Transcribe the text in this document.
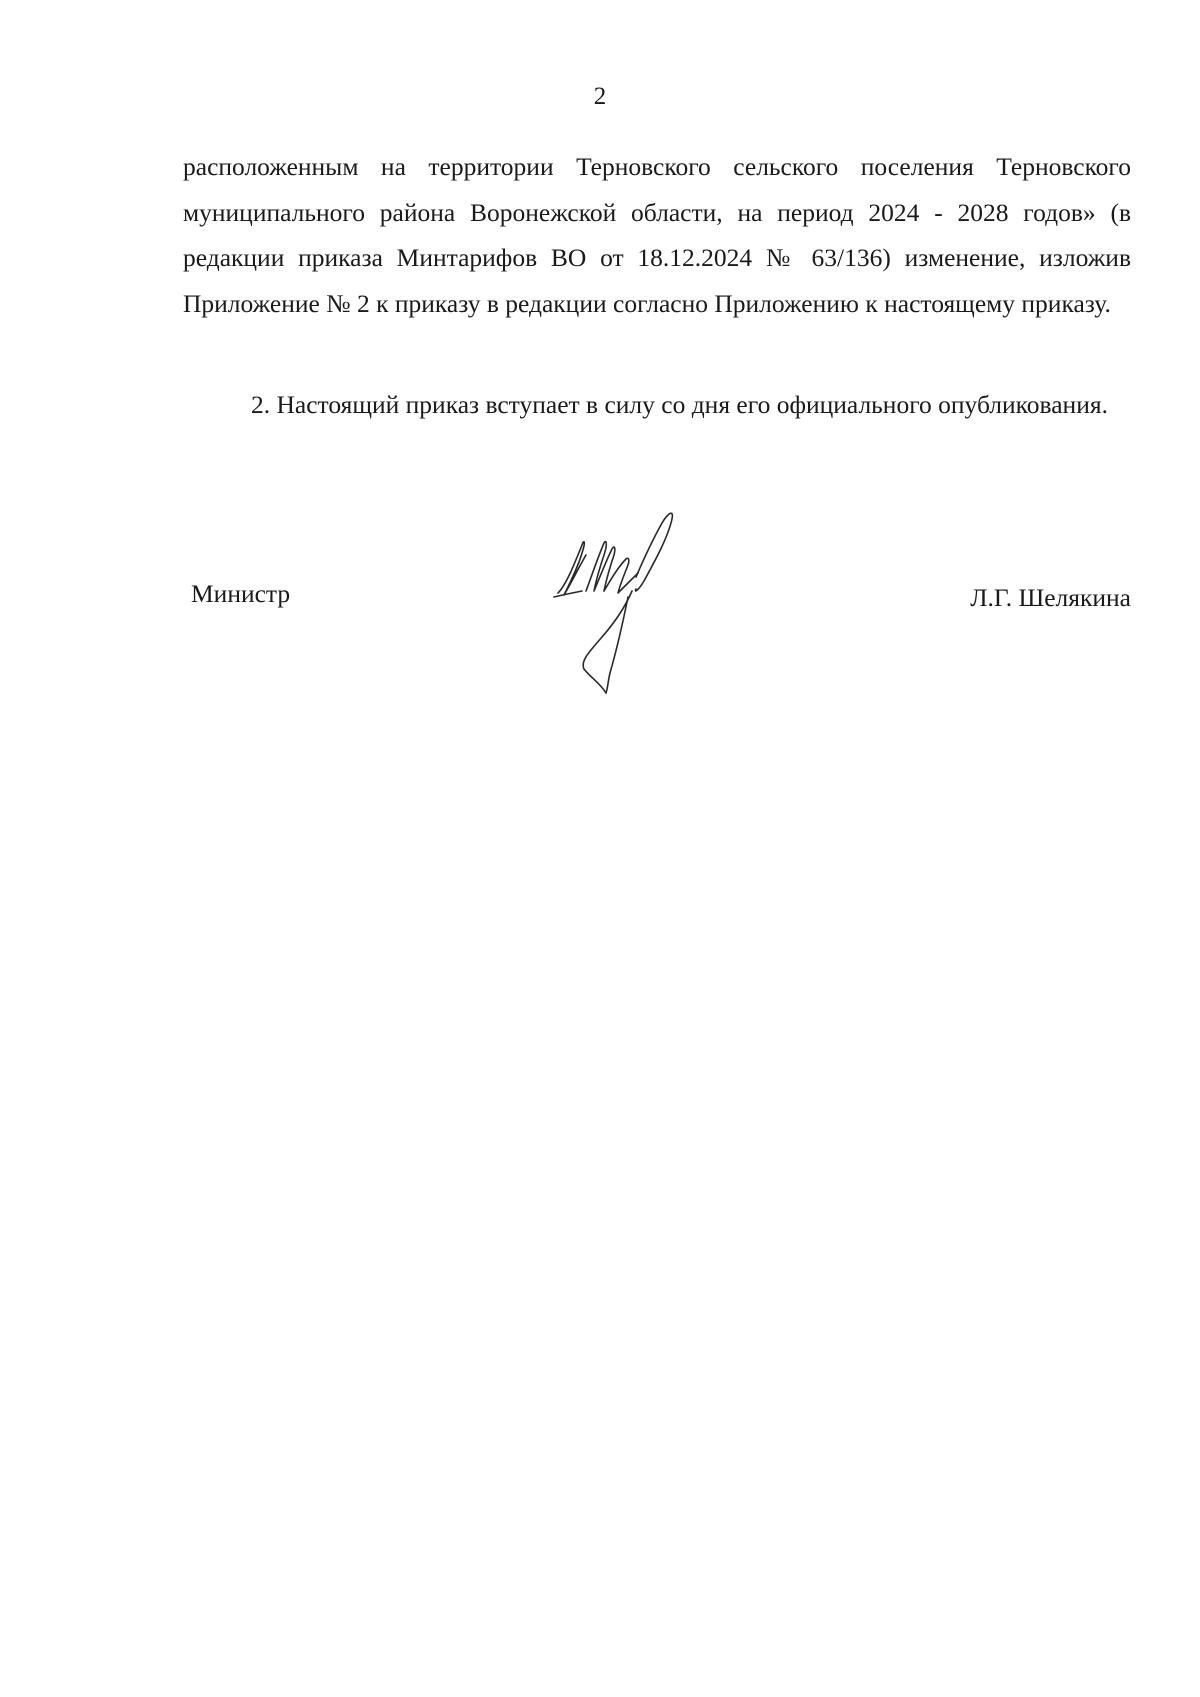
2

расположенным на территории Терновского сельского поселения Терновского муниципального района Воронежской области, на период 2024 - 2028 годов» (в редакции приказа Минтарифов ВО от 18.12.2024 № 63/136) изменение, изложив Приложение № 2 к приказу в редакции согласно Приложению к настоящему приказу.

2. Настоящий приказ вступает в силу со дня его официального опубликования.

Министр	Л.Г. Шелякина
